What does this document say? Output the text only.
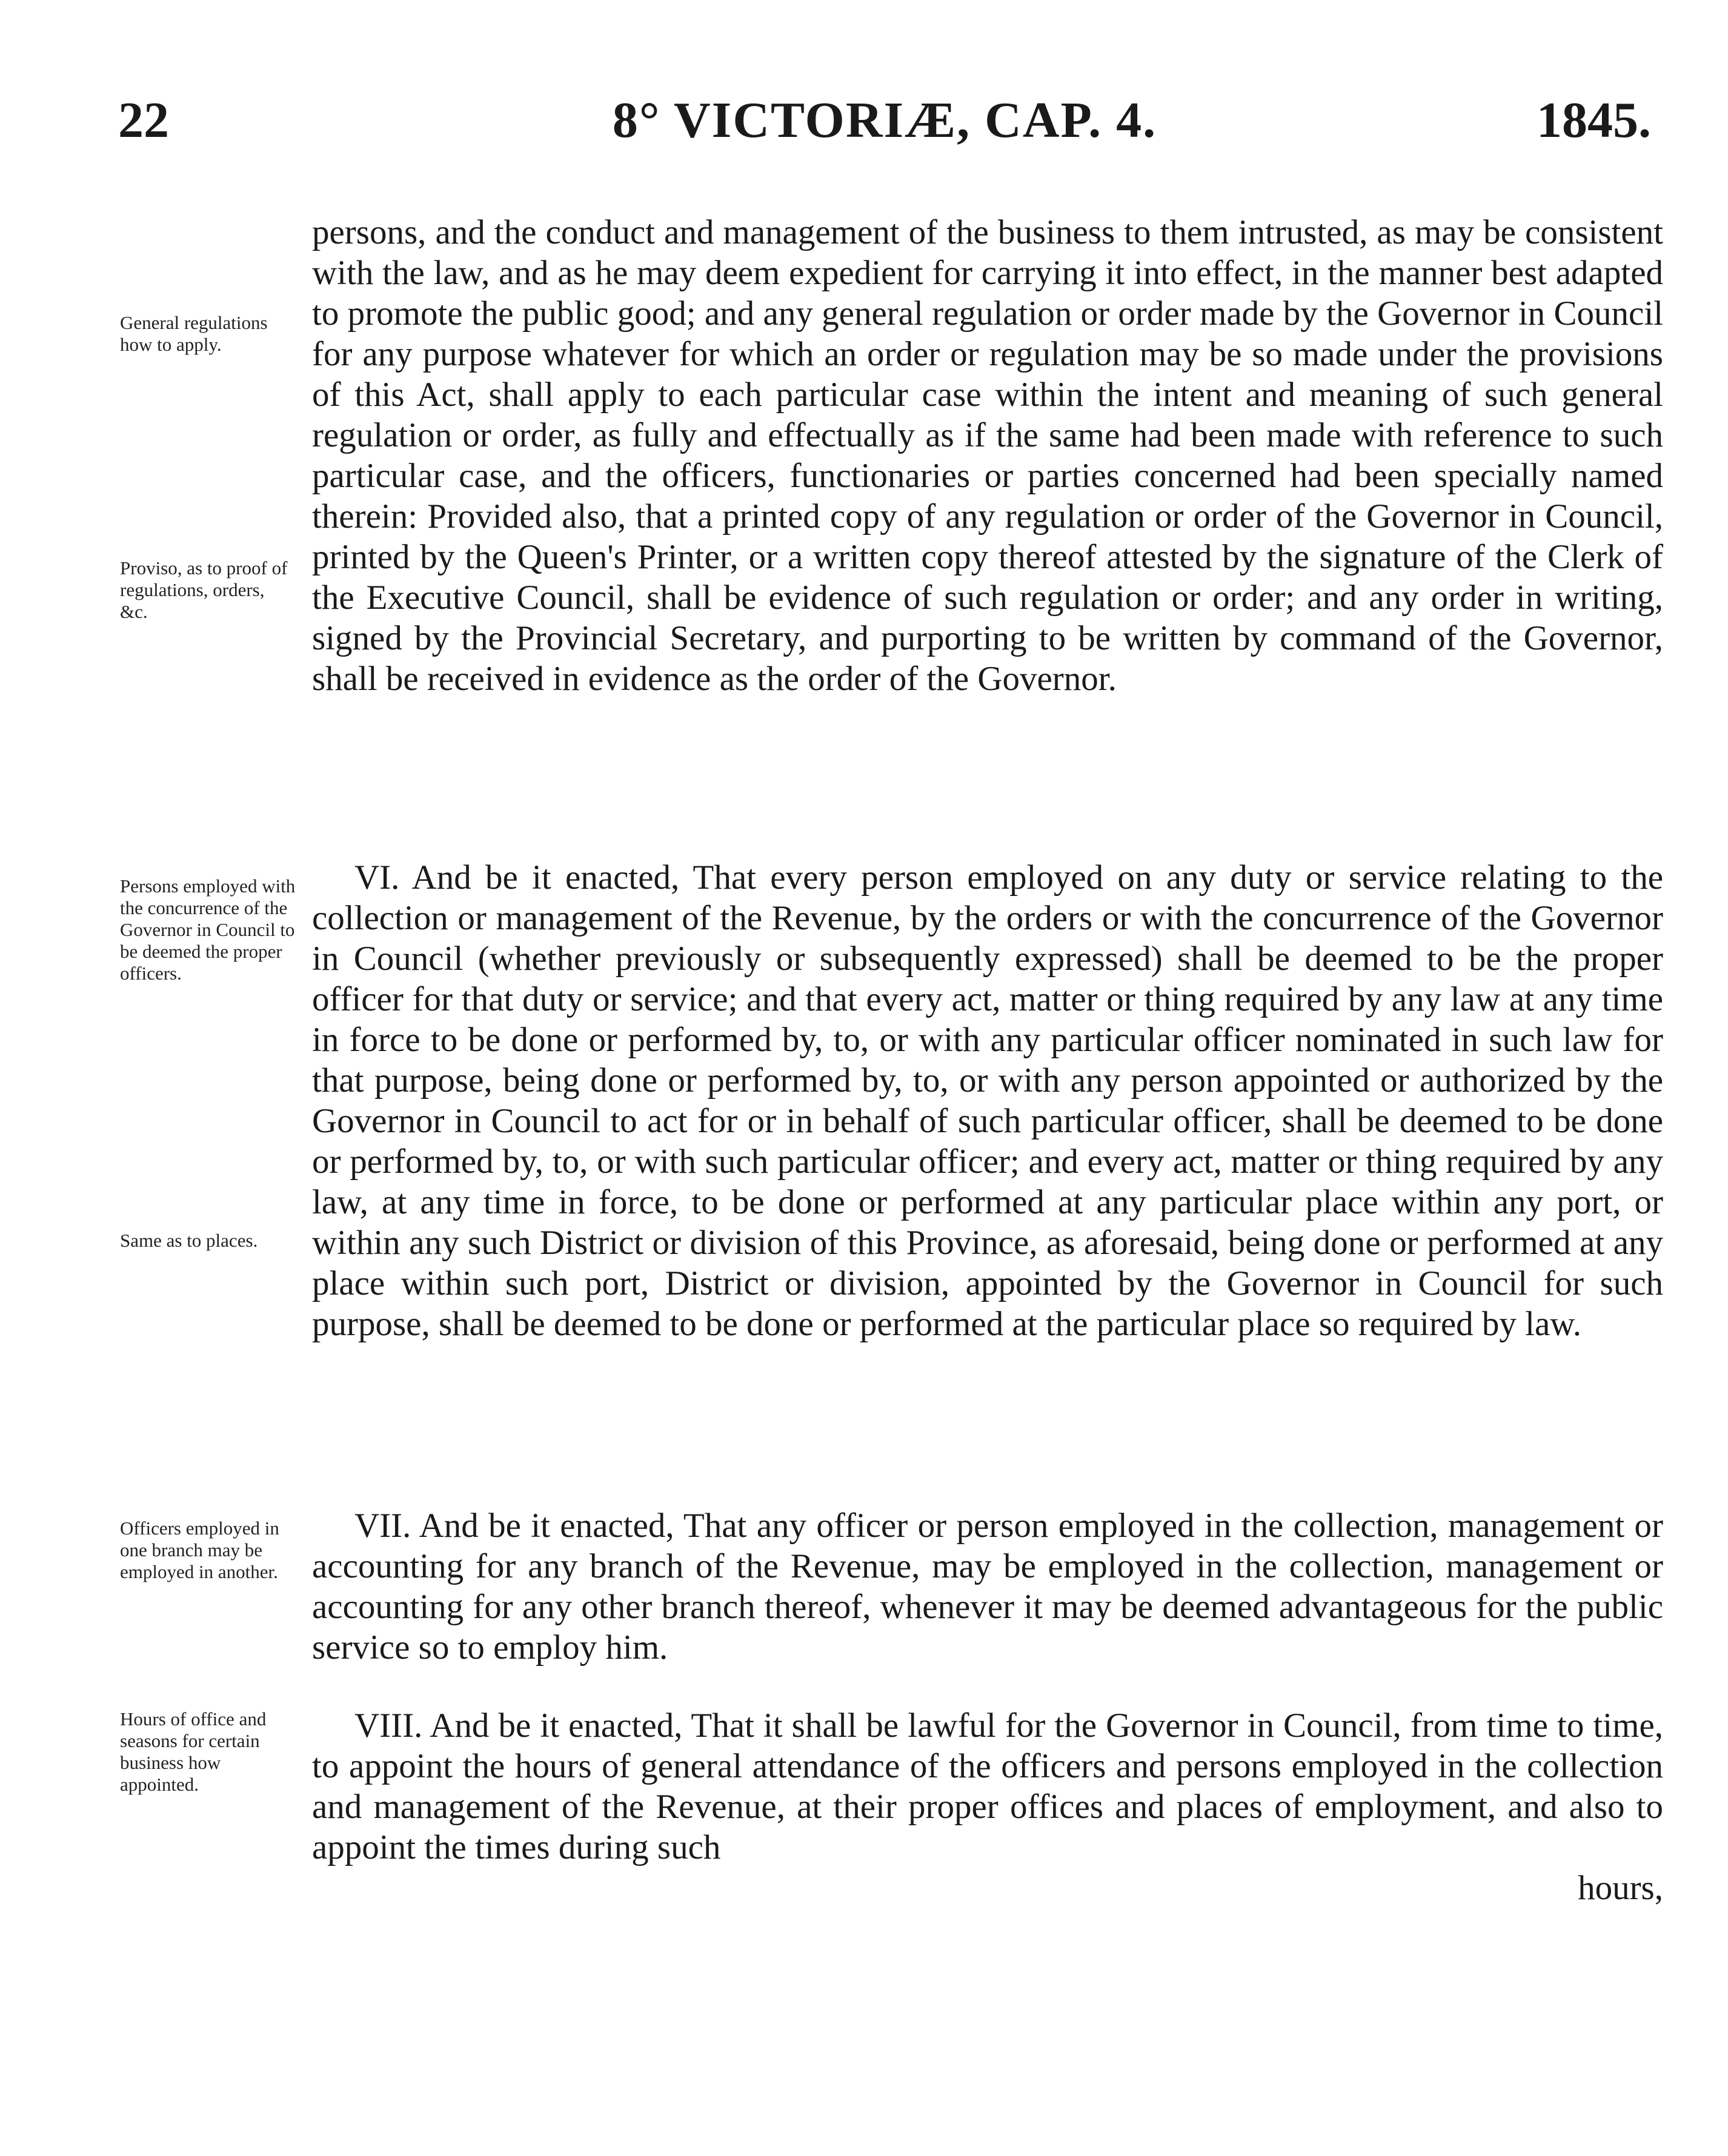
22	8° VICTORIÆ, CAP. 4.	1845.
General regulations how to apply.
Proviso, as to proof of regulations, orders, &c.
Persons employed with the concurrence of the Governor in Council to be deemed the proper officers.
Same as to places.
Officers employed in one branch may be employed in another.
Hours of office and seasons for certain business how appointed.

persons, and the conduct and management of the business to them intrusted, as may be consistent with the law, and as he may deem expedient for carrying it into effect, in the manner best adapted to promote the public good; and any general regulation or order made by the Governor in Council for any purpose whatever for which an order or regulation may be so made under the provisions of this Act, shall apply to each particular case within the intent and meaning of such general regulation or order, as fully and effectually as if the same had been made with reference to such particular case, and the officers, functionaries or parties concerned had been specially named therein: Provided also, that a printed copy of any regulation or order of the Governor in Council, printed by the Queen's Printer, or a written copy thereof attested by the signature of the Clerk of the Executive Council, shall be evidence of such regulation or order; and any order in writing, signed by the Provincial Secretary, and purporting to be written by command of the Governor, shall be received in evidence as the order of the Governor.

VI. And be it enacted, That every person employed on any duty or service relating to the collection or management of the Revenue, by the orders or with the concurrence of the Governor in Council (whether previously or subsequently expressed) shall be deemed to be the proper officer for that duty or service; and that every act, matter or thing required by any law at any time in force to be done or performed by, to, or with any particular officer nominated in such law for that purpose, being done or performed by, to, or with any person appointed or authorized by the Governor in Council to act for or in behalf of such particular officer, shall be deemed to be done or performed by, to, or with such particular officer; and every act, matter or thing required by any law, at any time in force, to be done or performed at any particular place within any port, or within any such District or division of this Province, as aforesaid, being done or performed at any place within such port, District or division, appointed by the Governor in Council for such purpose, shall be deemed to be done or performed at the particular place so required by law.

VII. And be it enacted, That any officer or person employed in the collection, management or accounting for any branch of the Revenue, may be employed in the collection, management or accounting for any other branch thereof, whenever it may be deemed advantageous for the public service so to employ him.

VIII. And be it enacted, That it shall be lawful for the Governor in Council, from time to time, to appoint the hours of general attendance of the officers and persons employed in the collection and management of the Revenue, at their proper offices and places of employment, and also to appoint the times during such

hours,
